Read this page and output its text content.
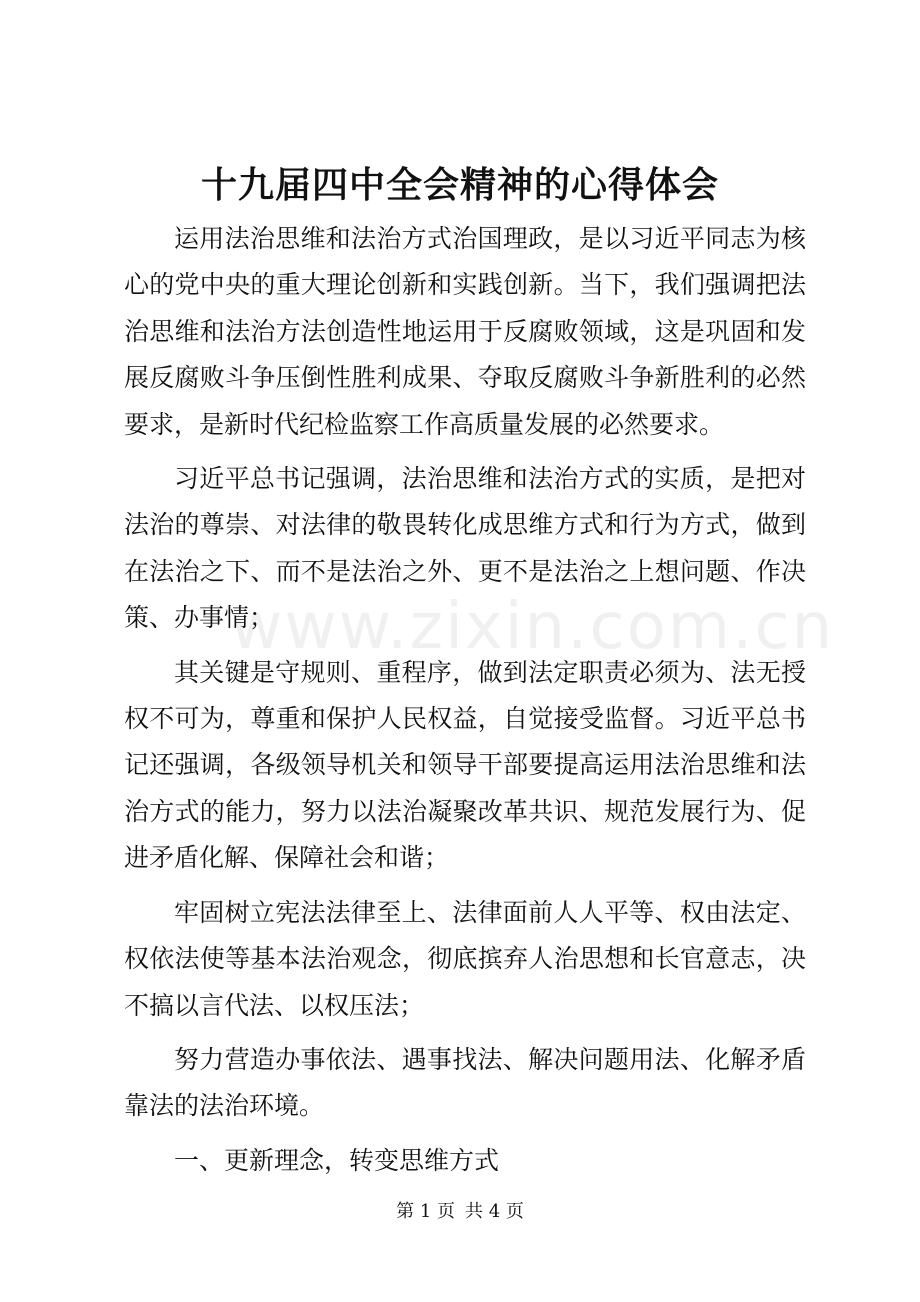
十九届四中全会精神的心得体会

运用法治思维和法治方式治国理政，是以习近平同志为核心的党中央的重大理论创新和实践创新。当下，我们强调把法治思维和法治方法创造性地运用于反腐败领域，这是巩固和发展反腐败斗争压倒性胜利成果、夺取反腐败斗争新胜利的必然要求，是新时代纪检监察工作高质量发展的必然要求。

习近平总书记强调，法治思维和法治方式的实质，是把对法治的尊崇、对法律的敬畏转化成思维方式和行为方式，做到在法治之下、而不是法治之外、更不是法治之上想问题、作决策、办事情；

其关键是守规则、重程序，做到法定职责必须为、法无授权不可为，尊重和保护人民权益，自觉接受监督。习近平总书记还强调，各级领导机关和领导干部要提高运用法治思维和法治方式的能力，努力以法治凝聚改革共识、规范发展行为、促进矛盾化解、保障社会和谐；

牢固树立宪法法律至上、法律面前人人平等、权由法定、权依法使等基本法治观念，彻底摈弃人治思想和长官意志，决不搞以言代法、以权压法；

努力营造办事依法、遇事找法、解决问题用法、化解矛盾靠法的法治环境。

一、更新理念，转变思维方式

www.zixin.com.cn
第 1 页 共 4 页
